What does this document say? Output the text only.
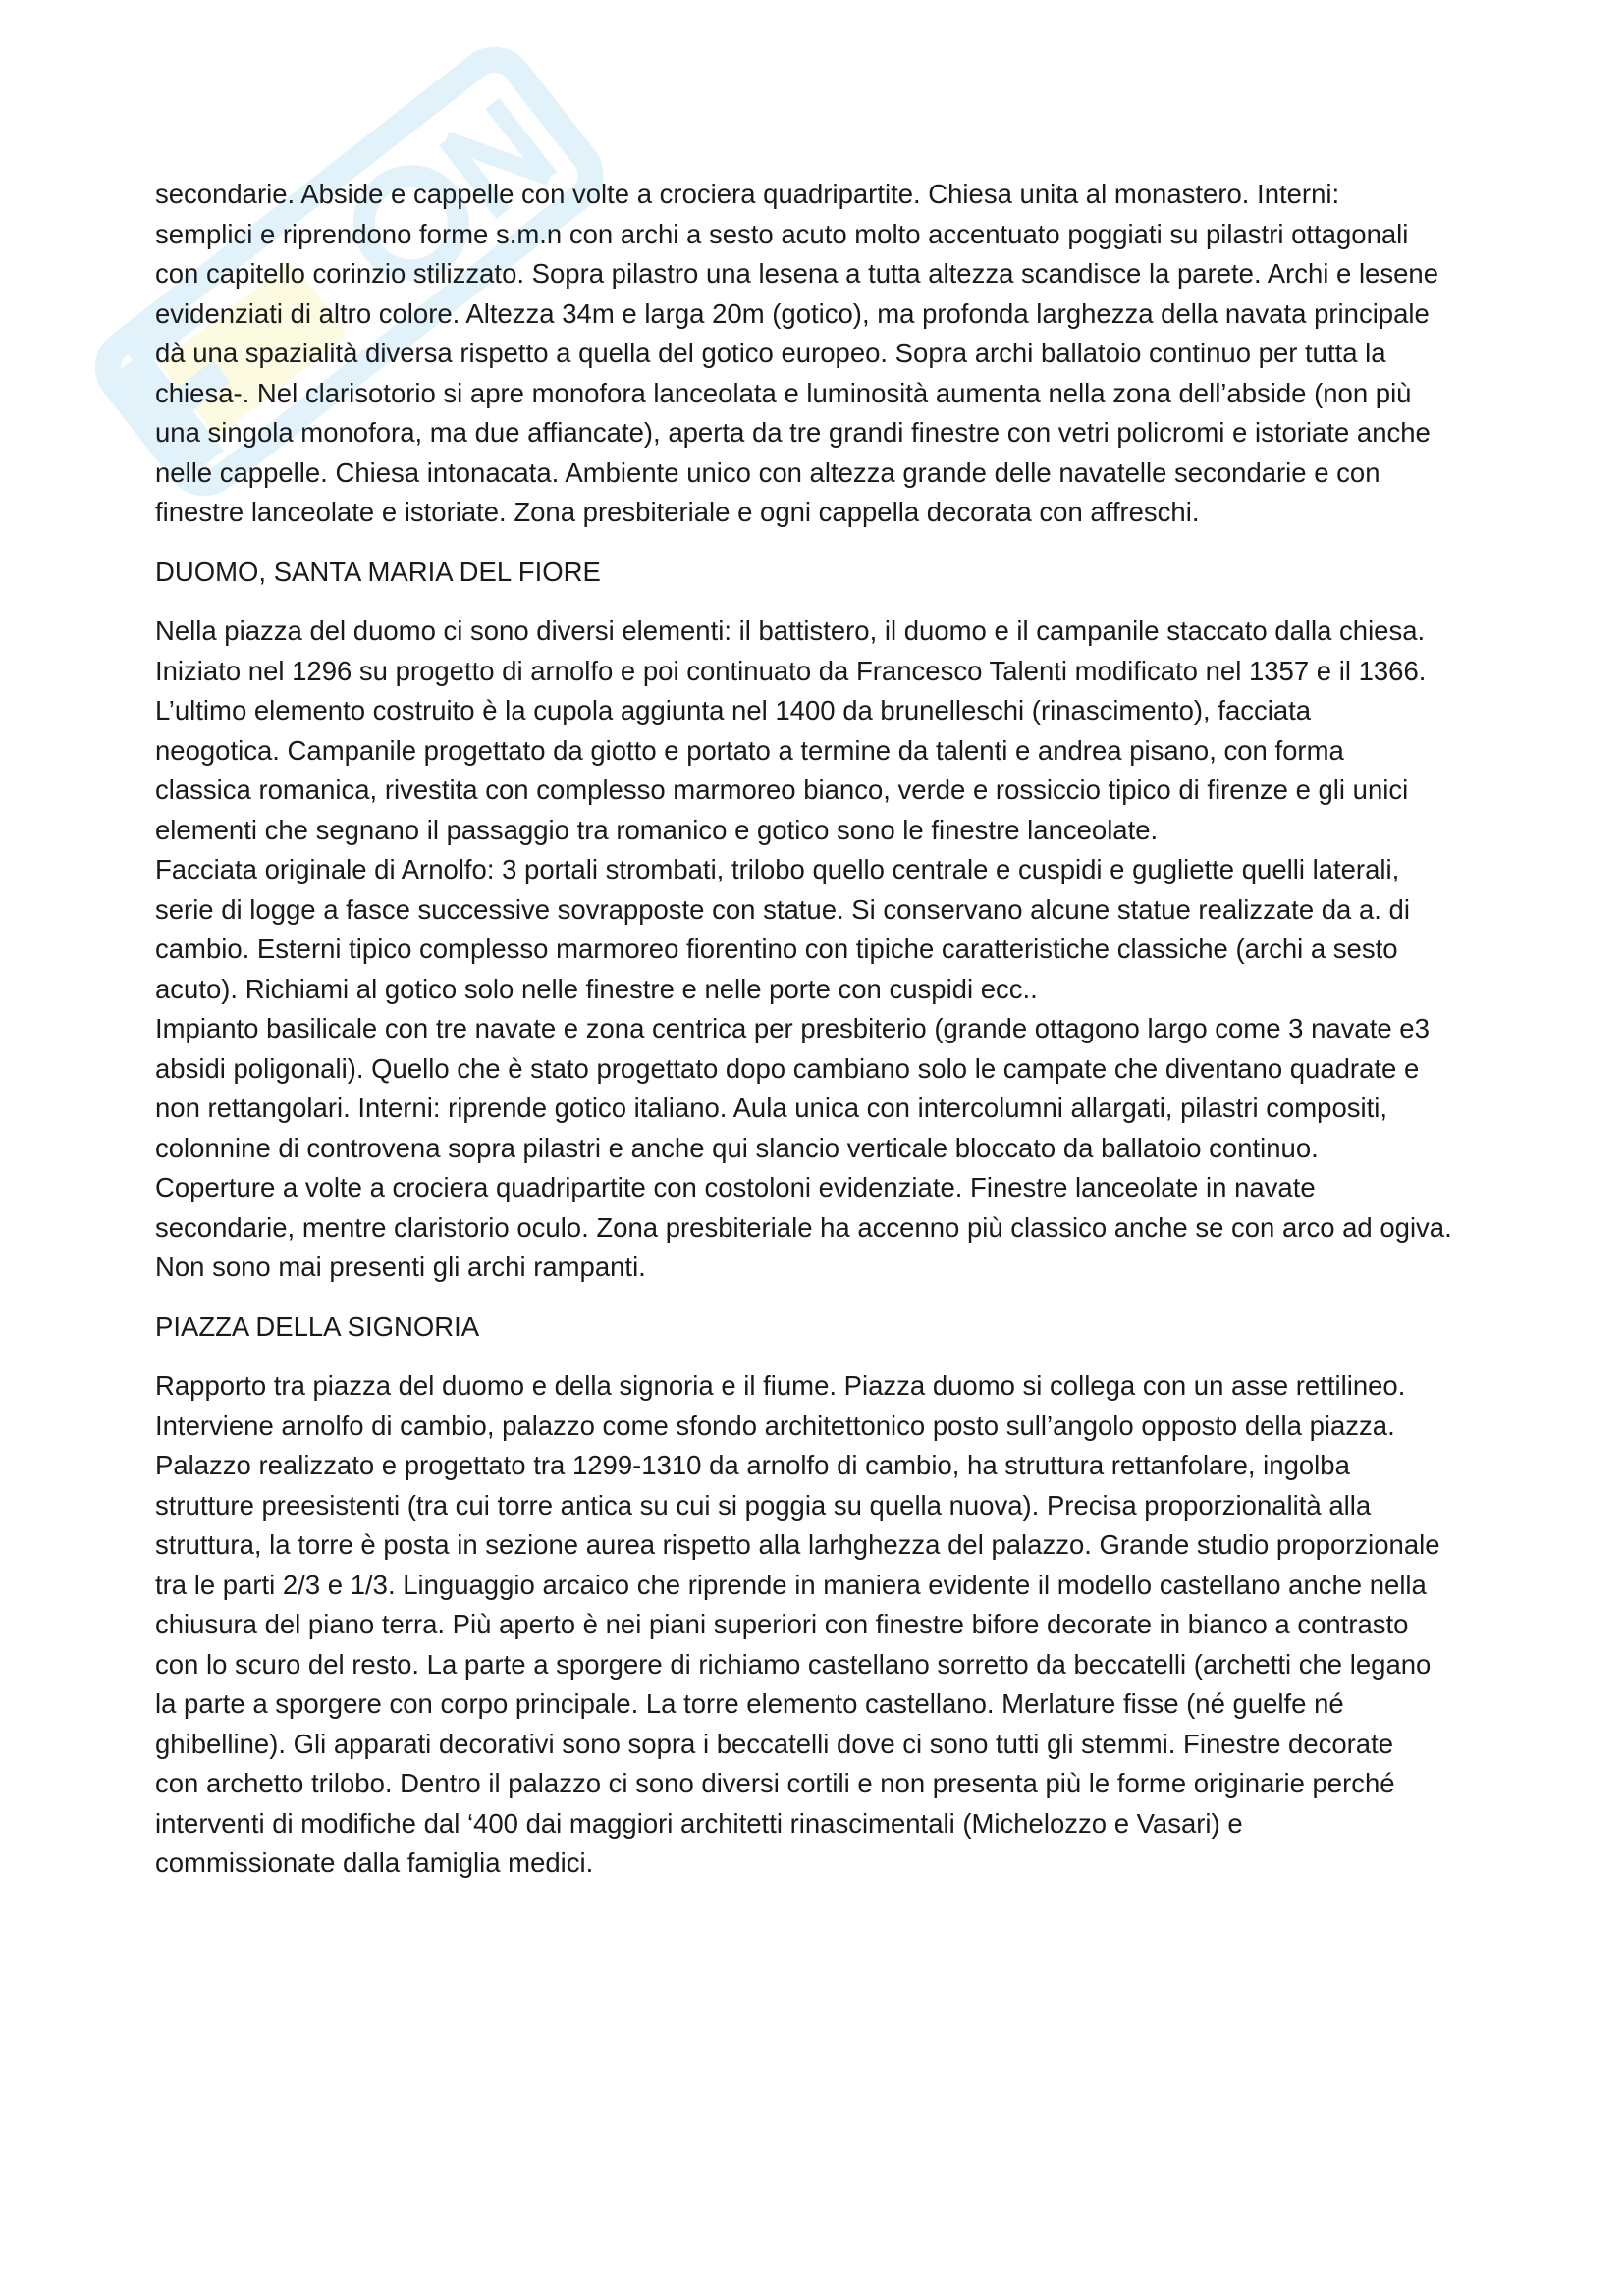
secondarie. Abside e cappelle con volte a crociera quadripartite. Chiesa unita al monastero. Interni:
semplici e riprendono forme s.m.n con archi a sesto acuto molto accentuato poggiati su pilastri ottagonali
con capitello corinzio stilizzato. Sopra pilastro una lesena a tutta altezza scandisce la parete. Archi e lesene
evidenziati di altro colore. Altezza 34m e larga 20m (gotico), ma profonda larghezza della navata principale
dà una spazialità diversa rispetto a quella del gotico europeo. Sopra archi ballatoio continuo per tutta la
chiesa-. Nel clarisotorio si apre monofora lanceolata e luminosità aumenta nella zona dell’abside (non più
una singola monofora, ma due affiancate), aperta da tre grandi finestre con vetri policromi e istoriate anche
nelle cappelle. Chiesa intonacata. Ambiente unico con altezza grande delle navatelle secondarie e con
finestre lanceolate e istoriate. Zona presbiteriale e ogni cappella decorata con affreschi.
DUOMO, SANTA MARIA DEL FIORE
Nella piazza del duomo ci sono diversi elementi: il battistero, il duomo e il campanile staccato dalla chiesa.
Iniziato nel 1296 su progetto di arnolfo e poi continuato da Francesco Talenti modificato nel 1357 e il 1366.
L’ultimo elemento costruito è la cupola aggiunta nel 1400 da brunelleschi (rinascimento), facciata
neogotica. Campanile progettato da giotto e portato a termine da talenti e andrea pisano, con forma
classica romanica, rivestita con complesso marmoreo bianco, verde e rossiccio tipico di firenze e gli unici
elementi che segnano il passaggio tra romanico e gotico sono le finestre lanceolate.
Facciata originale di Arnolfo: 3 portali strombati, trilobo quello centrale e cuspidi e gugliette quelli laterali,
serie di logge a fasce successive sovrapposte con statue. Si conservano alcune statue realizzate da a. di
cambio. Esterni tipico complesso marmoreo fiorentino con tipiche caratteristiche classiche (archi a sesto
acuto). Richiami al gotico solo nelle finestre e nelle porte con cuspidi ecc..
Impianto basilicale con tre navate e zona centrica per presbiterio (grande ottagono largo come 3 navate e3
absidi poligonali). Quello che è stato progettato dopo cambiano solo le campate che diventano quadrate e
non rettangolari. Interni: riprende gotico italiano. Aula unica con intercolumni allargati, pilastri compositi,
colonnine di controvena sopra pilastri e anche qui slancio verticale bloccato da ballatoio continuo.
Coperture a volte a crociera quadripartite con costoloni evidenziate. Finestre lanceolate in navate
secondarie, mentre claristorio oculo. Zona presbiteriale ha accenno più classico anche se con arco ad ogiva.
Non sono mai presenti gli archi rampanti.
PIAZZA DELLA SIGNORIA
Rapporto tra piazza del duomo e della signoria e il fiume. Piazza duomo si collega con un asse rettilineo.
Interviene arnolfo di cambio, palazzo come sfondo architettonico posto sull’angolo opposto della piazza.
Palazzo realizzato e progettato tra 1299-1310 da arnolfo di cambio, ha struttura rettanfolare, ingolba
strutture preesistenti (tra cui torre antica su cui si poggia su quella nuova). Precisa proporzionalità alla
struttura, la torre è posta in sezione aurea rispetto alla larhghezza del palazzo. Grande studio proporzionale
tra le parti 2/3 e 1/3. Linguaggio arcaico che riprende in maniera evidente il modello castellano anche nella
chiusura del piano terra. Più aperto è nei piani superiori con finestre bifore decorate in bianco a contrasto
con lo scuro del resto. La parte a sporgere di richiamo castellano sorretto da beccatelli (archetti che legano
la parte a sporgere con corpo principale. La torre elemento castellano. Merlature fisse (né guelfe né
ghibelline). Gli apparati decorativi sono sopra i beccatelli dove ci sono tutti gli stemmi. Finestre decorate
con archetto trilobo. Dentro il palazzo ci sono diversi cortili e non presenta più le forme originarie perché
interventi di modifiche dal ‘400 dai maggiori architetti rinascimentali (Michelozzo e Vasari) e
commissionate dalla famiglia medici.
